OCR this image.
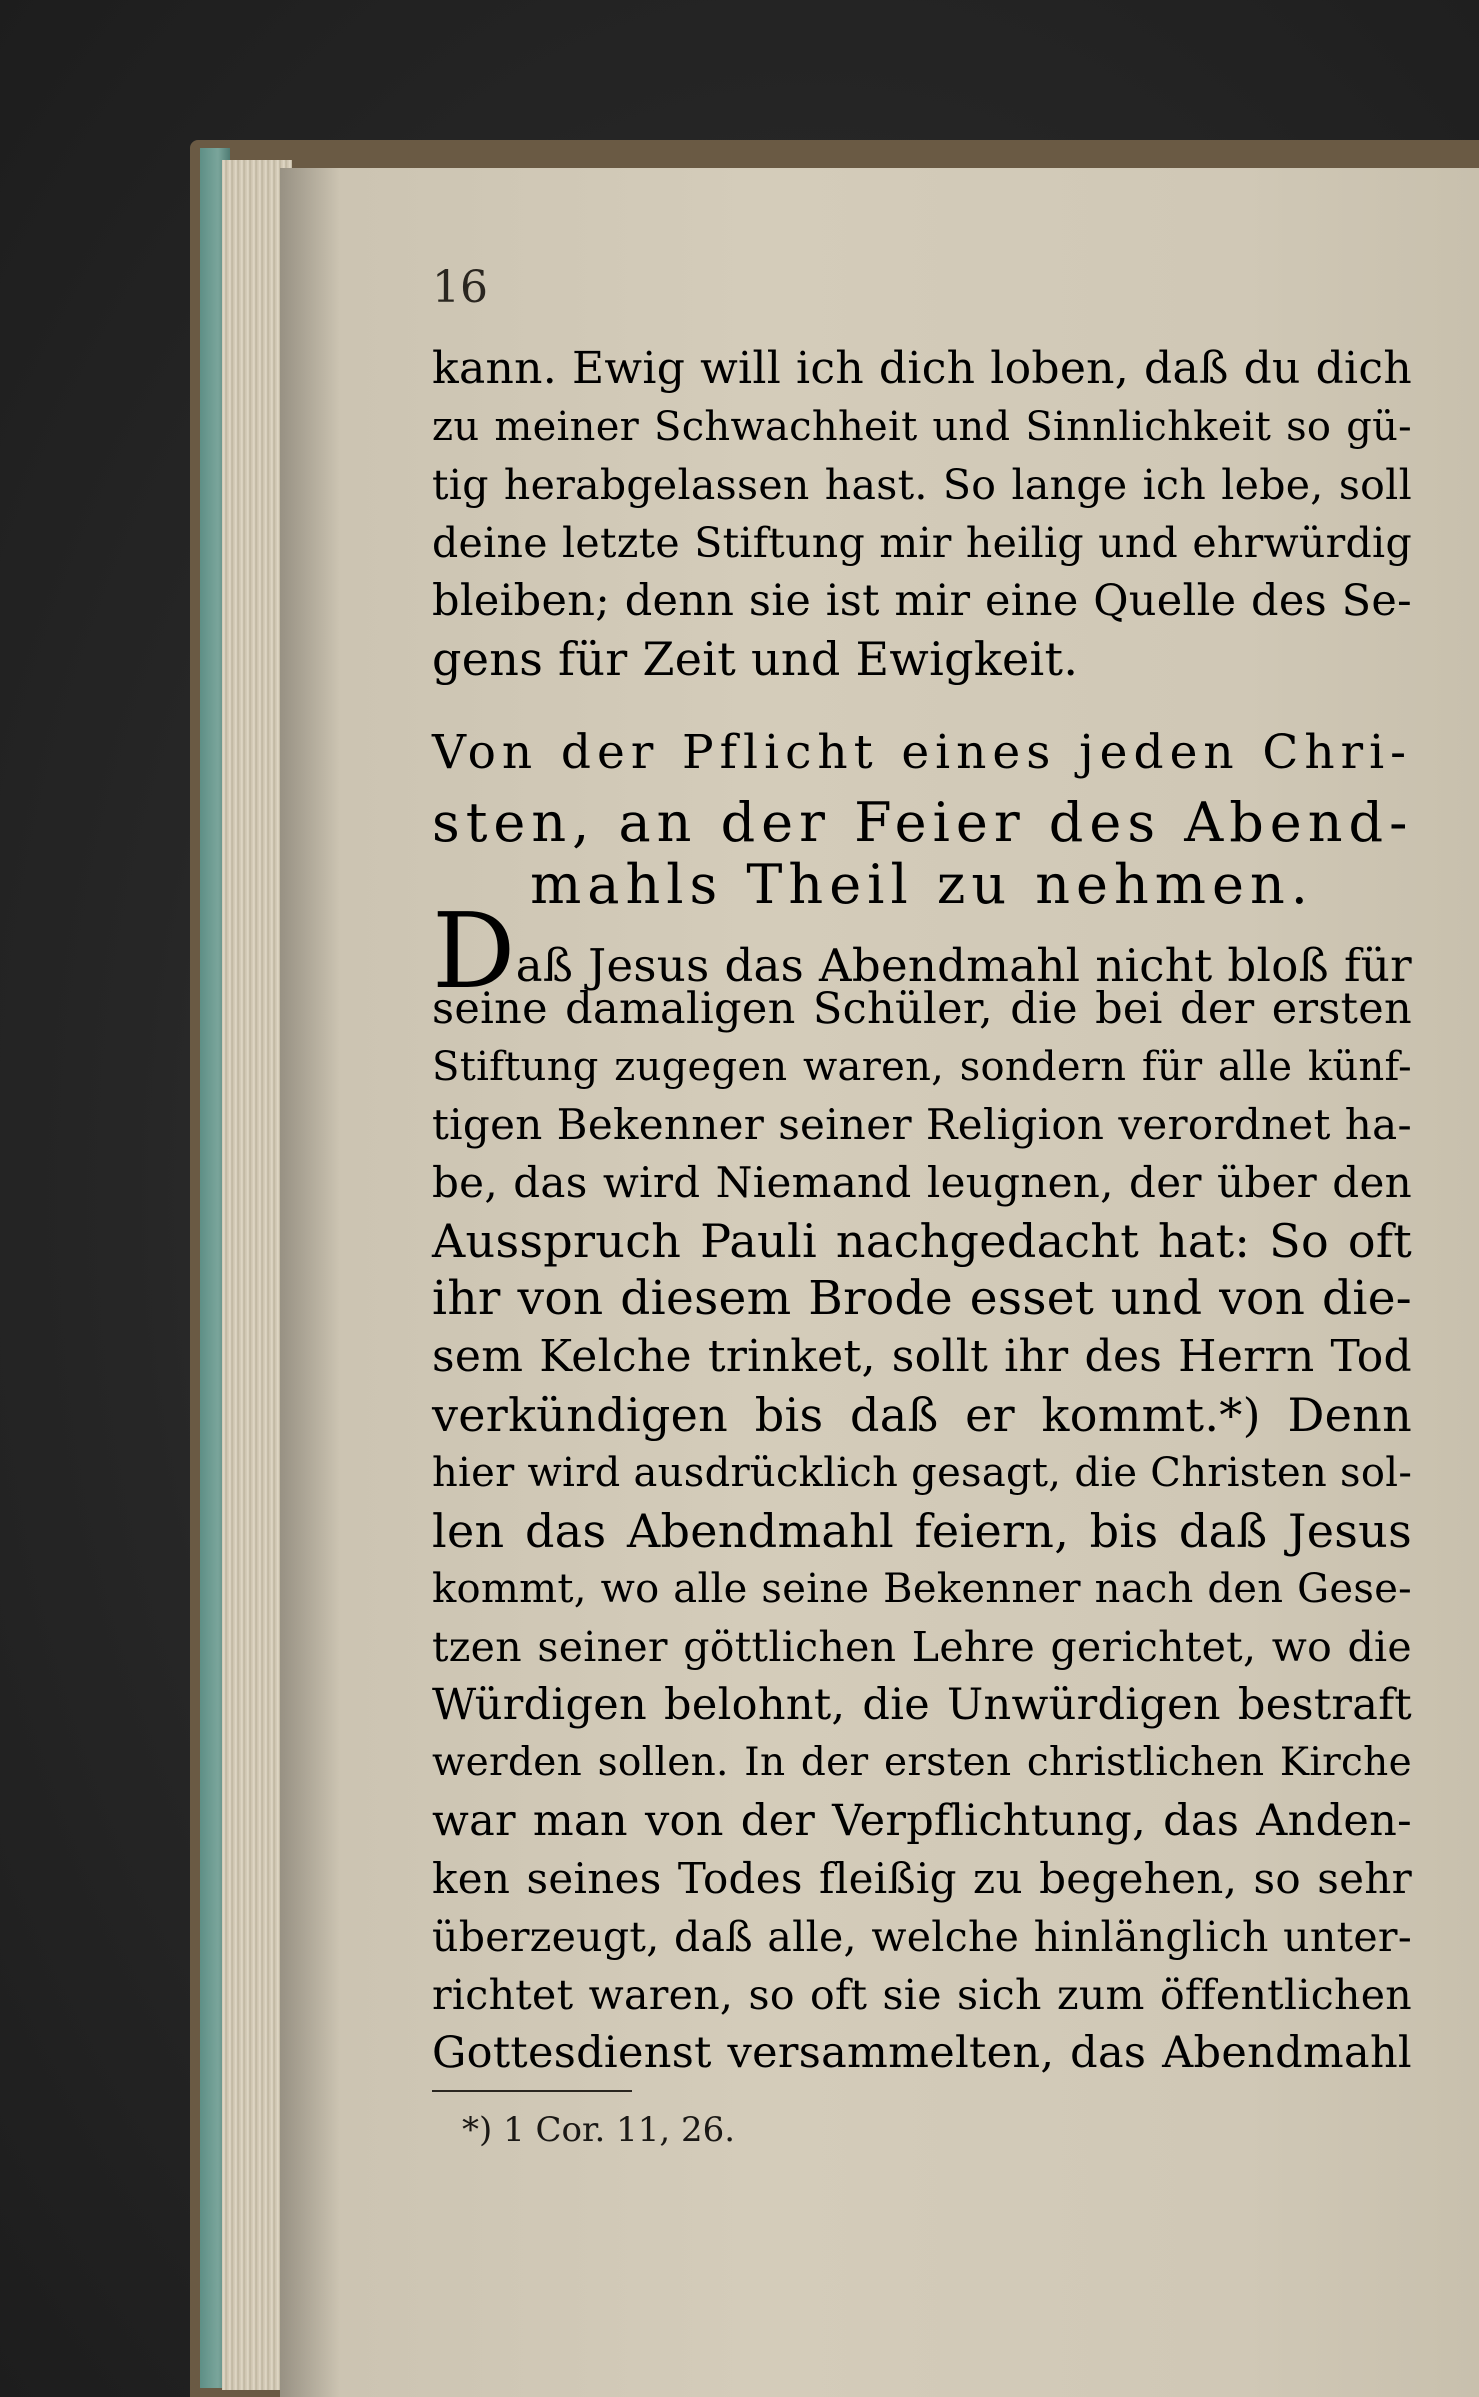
16
kann. Ewig will ich dich loben, daß du dich
zu meiner Schwachheit und Sinnlichkeit so gü-
tig herabgelassen hast. So lange ich lebe, soll
deine letzte Stiftung mir heilig und ehrwürdig
bleiben; denn sie ist mir eine Quelle des Se-
gens für Zeit und Ewigkeit.
Von der Pflicht eines jeden Chri-
sten, an der Feier des Abend-
mahls Theil zu nehmen.
Daß Jesus das Abendmahl nicht bloß für
seine damaligen Schüler, die bei der ersten
Stiftung zugegen waren, sondern für alle künf-
tigen Bekenner seiner Religion verordnet ha-
be, das wird Niemand leugnen, der über den
Ausspruch Pauli nachgedacht hat: So oft
ihr von diesem Brode esset und von die-
sem Kelche trinket, sollt ihr des Herrn Tod
verkündigen bis daß er kommt.*) Denn
hier wird ausdrücklich gesagt, die Christen sol-
len das Abendmahl feiern, bis daß Jesus
kommt, wo alle seine Bekenner nach den Gese-
tzen seiner göttlichen Lehre gerichtet, wo die
Würdigen belohnt, die Unwürdigen bestraft
werden sollen. In der ersten christlichen Kirche
war man von der Verpflichtung, das Anden-
ken seines Todes fleißig zu begehen, so sehr
überzeugt, daß alle, welche hinlänglich unter-
richtet waren, so oft sie sich zum öffentlichen
Gottesdienst versammelten, das Abendmahl
*) 1 Cor. 11, 26.
